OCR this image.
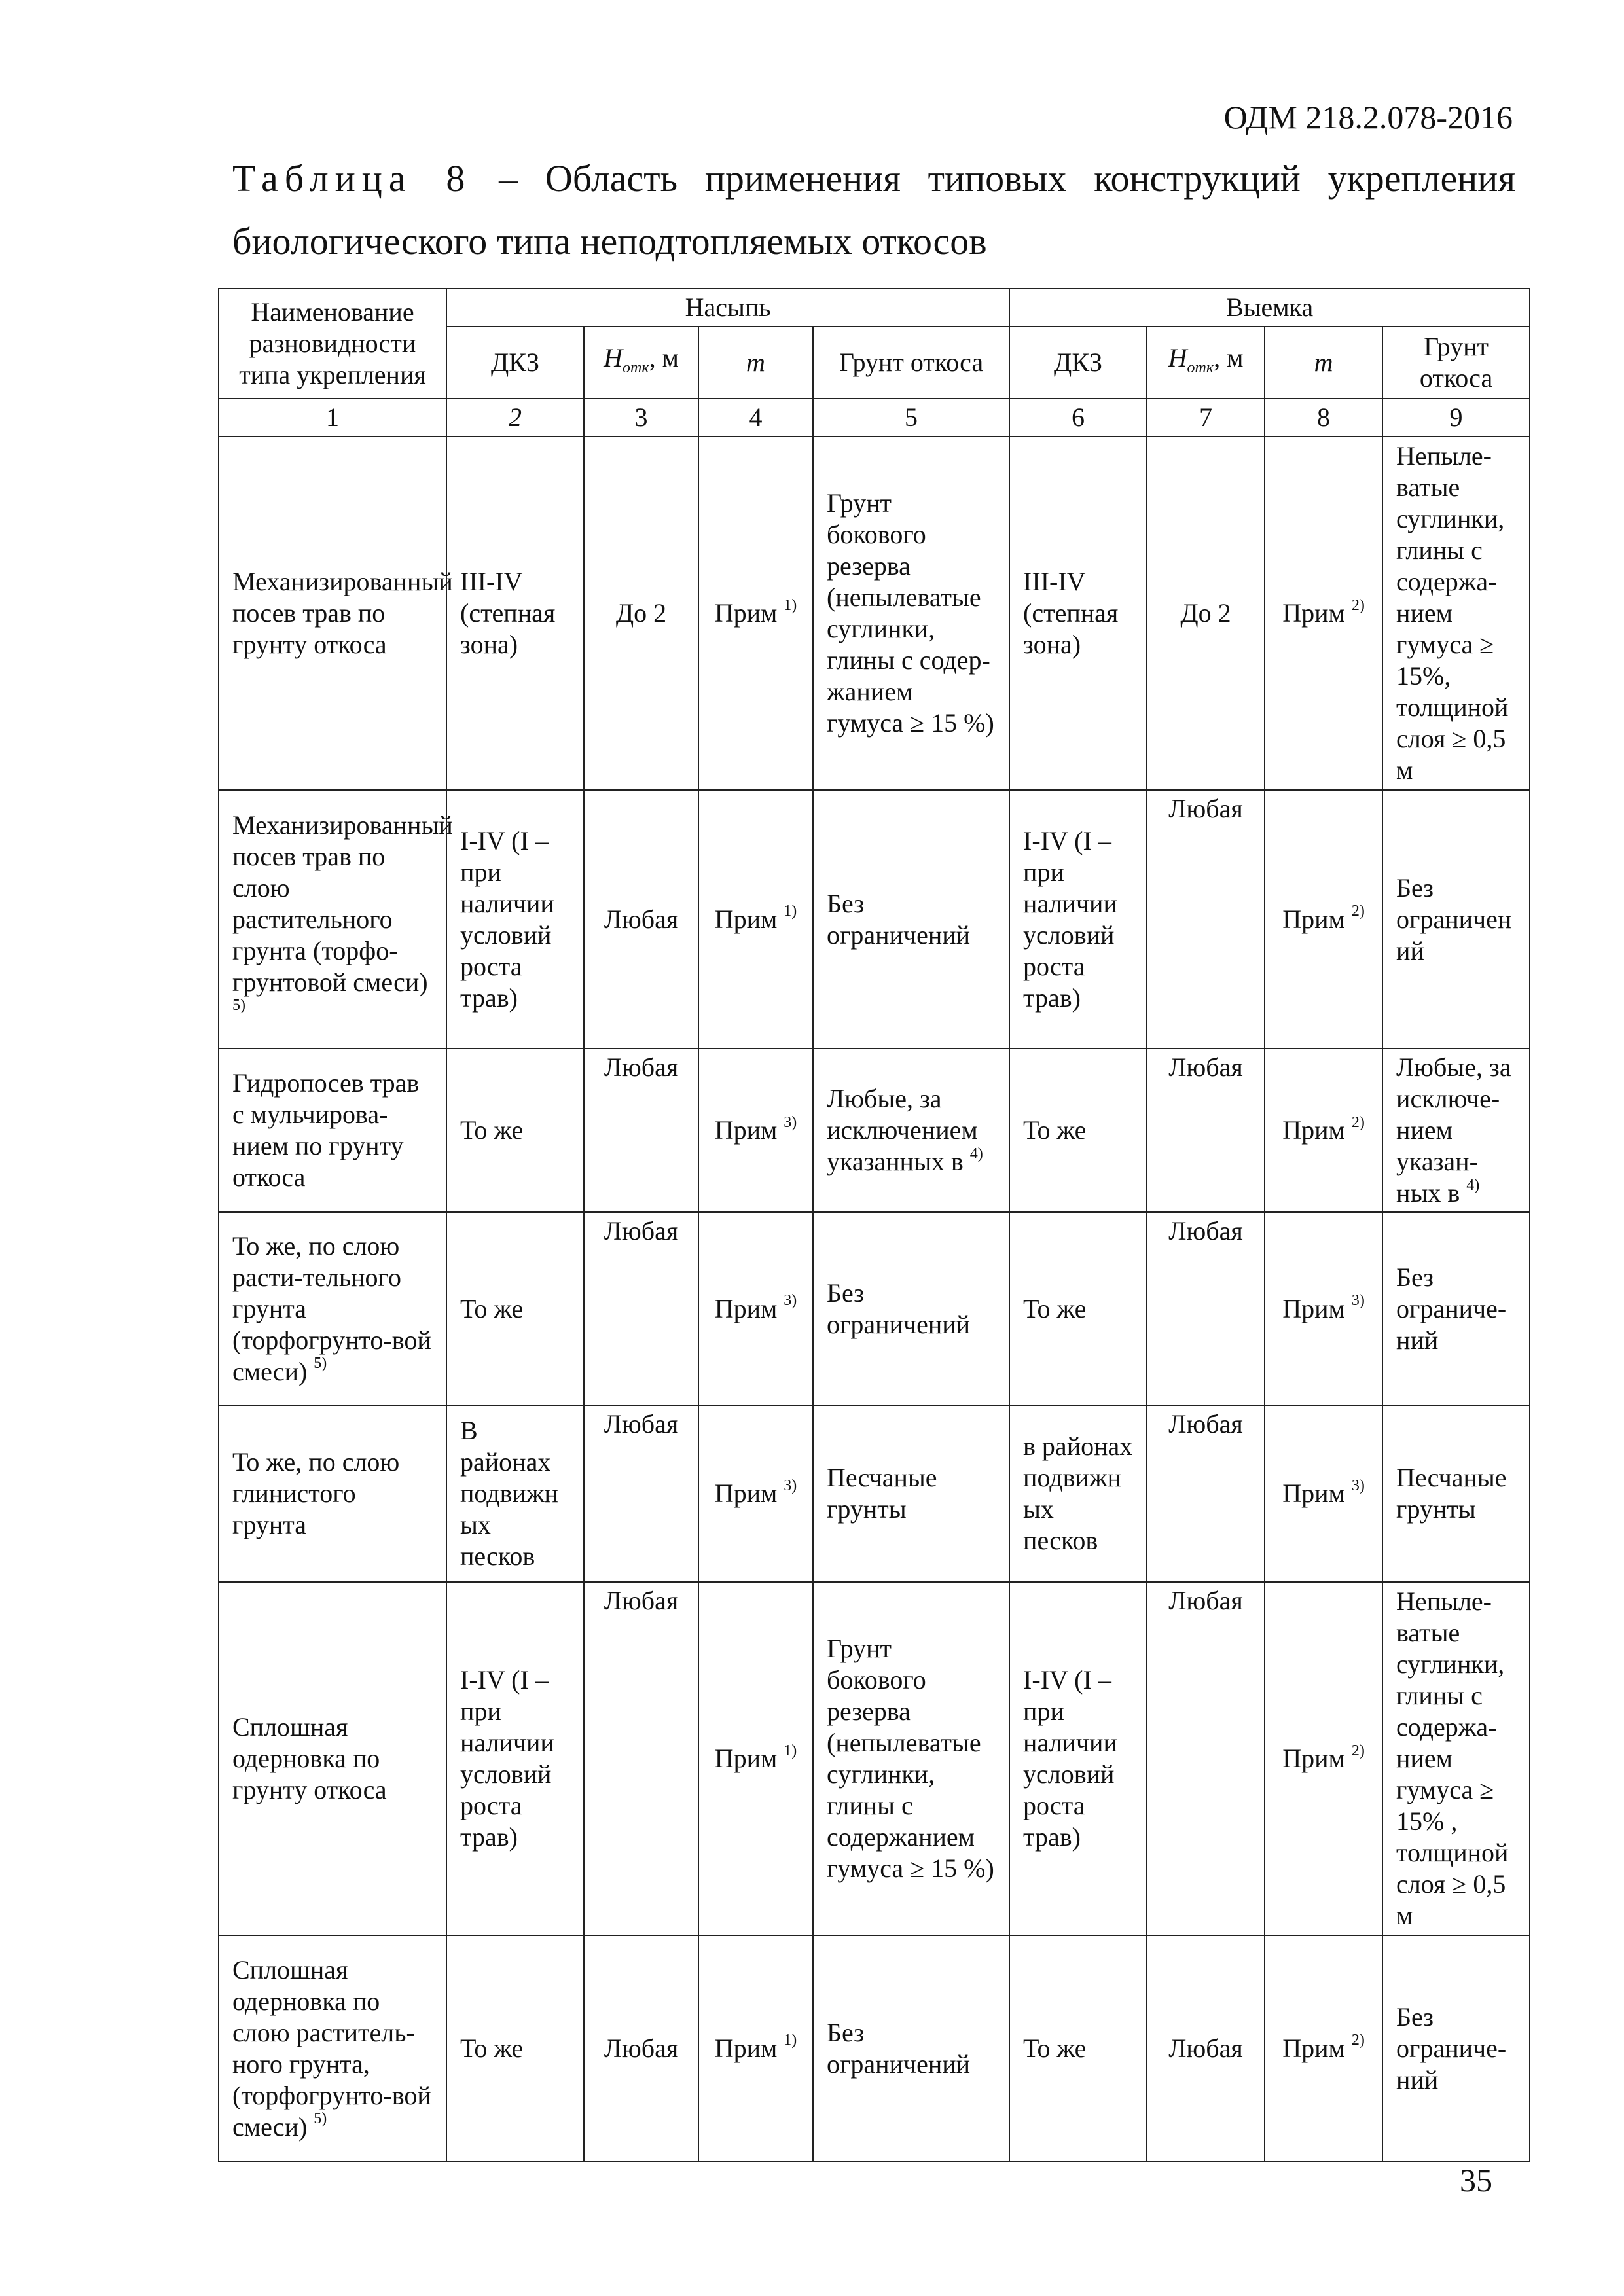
ОДМ 218.2.078-2016
Таблица 8 – Область применения типовых конструкций укрепления биологического типа неподтопляемых откосов
Наименование разновидности типа укрепления	Насыпь				Выемка			
	ДКЗ	$H_{отк}$, м	m	Грунт откоса	ДКЗ	$H_{отк}$, м	m	Грунт откоса
1	2	3	4	5	6	7	8	9
Механизированный посев трав по грунту откоса	III-IV (степная зона)	До 2	Прим $^{1)}$	Грунт бокового резерва (непылеватые суглинки, глины с содер-жанием гумуса ≥ 15 %)	III-IV (степная зона)	До 2	Прим $^{2)}$	Непыле-ватые суглинки, глины с содержа-нием гумуса ≥ 15%, толщиной слоя ≥ 0,5 м
Механизированный посев трав по слою растительного грунта (торфо-грунтовой смеси) $^{5)}$	I-IV (I – при наличии условий роста трав)	Любая	Прим $^{1)}$	Без ограничений	I-IV (I – при наличии условий роста трав)	Любая	Прим $^{2)}$	Без ограничен ий
Гидропосев трав с мульчирова-нием по грунту откоса	То же	Любая	Прим $^{3)}$	Любые, за исключением указанных в $^{4)}$	То же	Любая	Прим $^{2)}$	Любые, за исключе-нием указан-ных в $^{4)}$
То же, по слою расти-тельного грунта (торфогрунто-вой смеси) $^{5)}$	То же	Любая	Прим $^{3)}$	Без ограничений	То же	Любая	Прим $^{3)}$	Без ограниче-ний
То же, по слою глинистого грунта	В районах подвижн ых песков	Любая	Прим $^{3)}$	Песчаные грунты	в районах подвижн ых песков	Любая	Прим $^{3)}$	Песчаные грунты
Сплошная одерновка по грунту откоса	I-IV (I – при наличии условий роста трав)	Любая	Прим $^{1)}$	Грунт бокового резерва (непылеватые суглинки, глины с содержанием гумуса ≥ 15 %)	I-IV (I – при наличии условий роста трав)	Любая	Прим $^{2)}$	Непыле-ватые суглинки, глины с содержа-нием гумуса ≥ 15% , толщиной слоя ≥ 0,5 м
Сплошная одерновка по слою раститель-ного грунта, (торфогрунто-вой смеси) $^{5)}$	То же	Любая	Прим $^{1)}$	Без ограничений	То же	Любая	Прим $^{2)}$	Без ограниче-ний
35
